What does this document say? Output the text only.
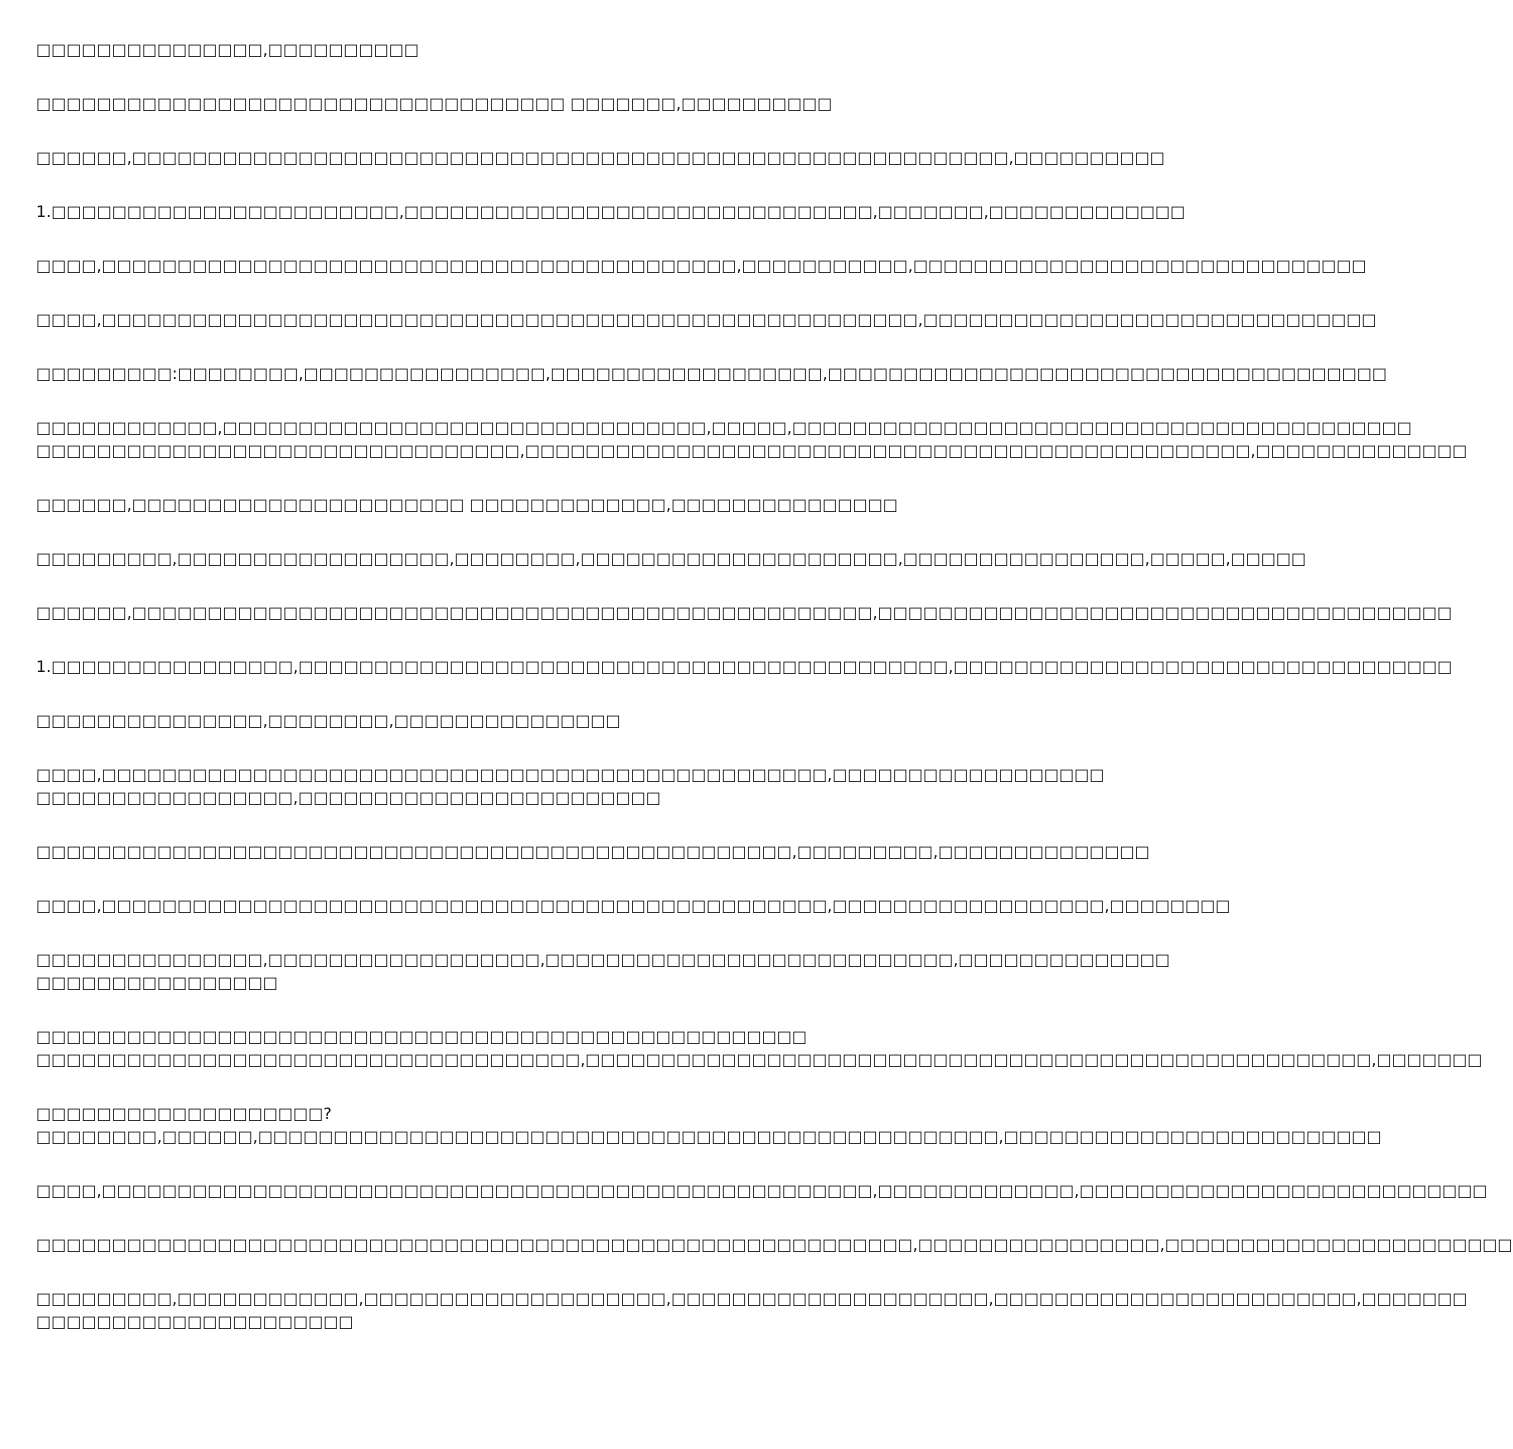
□□□□□□□□□□□□□□□,□□□□□□□□□□
□□□□□□□□□□□□□□□□□□□□□□□□□□□□□□□□□□□ □□□□□□□,□□□□□□□□□□
□□□□□□,□□□□□□□□□□□□□□□□□□□□□□□□□□□□□□□□□□□□□□□□□□□□□□□□□□□□□□□□□□,□□□□□□□□□□
1.□□□□□□□□□□□□□□□□□□□□□□□,□□□□□□□□□□□□□□□□□□□□□□□□□□□□□□□,□□□□□□□,□□□□□□□□□□□□□
□□□□,□□□□□□□□□□□□□□□□□□□□□□□□□□□□□□□□□□□□□□□□□□,□□□□□□□□□□□,□□□□□□□□□□□□□□□□□□□□□□□□□□□□□□
□□□□,□□□□□□□□□□□□□□□□□□□□□□□□□□□□□□□□□□□□□□□□□□□□□□□□□□□□□□,□□□□□□□□□□□□□□□□□□□□□□□□□□□□□□
□□□□□□□□□:□□□□□□□□,□□□□□□□□□□□□□□□□,□□□□□□□□□□□□□□□□□□,□□□□□□□□□□□□□□□□□□□□□□□□□□□□□□□□□□□□□
□□□□□□□□□□□□,□□□□□□□□□□□□□□□□□□□□□□□□□□□□□□□□,□□□□□,□□□□□□□□□□□□□□□□□□□□□□□□□□□□□□□□□□□□□□□□□
□□□□□□□□□□□□□□□□□□□□□□□□□□□□□□□□,□□□□□□□□□□□□□□□□□□□□□□□□□□□□□□□□□□□□□□□□□□□□□□□□,□□□□□□□□□□□□□□
□□□□□□,□□□□□□□□□□□□□□□□□□□□□□ □□□□□□□□□□□□□,□□□□□□□□□□□□□□□
□□□□□□□□□,□□□□□□□□□□□□□□□□□□,□□□□□□□□,□□□□□□□□□□□□□□□□□□□□□,□□□□□□□□□□□□□□□□,□□□□□,□□□□□
□□□□□□,□□□□□□□□□□□□□□□□□□□□□□□□□□□□□□□□□□□□□□□□□□□□□□□□□,□□□□□□□□□□□□□□□□□□□□□□□□□□□□□□□□□□□□□□
1.□□□□□□□□□□□□□□□□,□□□□□□□□□□□□□□□□□□□□□□□□□□□□□□□□□□□□□□□□□□□,□□□□□□□□□□□□□□□□□□□□□□□□□□□□□□□□□
□□□□□□□□□□□□□□□,□□□□□□□□,□□□□□□□□□□□□□□□
□□□□,□□□□□□□□□□□□□□□□□□□□□□□□□□□□□□□□□□□□□□□□□□□□□□□□,□□□□□□□□□□□□□□□□□□
□□□□□□□□□□□□□□□□□,□□□□□□□□□□□□□□□□□□□□□□□□
□□□□□□□□□□□□□□□□□□□□□□□□□□□□□□□□□□□□□□□□□□□□□□□□□□,□□□□□□□□□,□□□□□□□□□□□□□□
□□□□,□□□□□□□□□□□□□□□□□□□□□□□□□□□□□□□□□□□□□□□□□□□□□□□□,□□□□□□□□□□□□□□□□□□,□□□□□□□□
□□□□□□□□□□□□□□□,□□□□□□□□□□□□□□□□□□,□□□□□□□□□□□□□□□□□□□□□□□□□□□,□□□□□□□□□□□□□□
□□□□□□□□□□□□□□□□
□□□□□□□□□□□□□□□□□□□□□□□□□□□□□□□□□□□□□□□□□□□□□□□□□□□
□□□□□□□□□□□□□□□□□□□□□□□□□□□□□□□□□□□□,□□□□□□□□□□□□□□□□□□□□□□□□□□□□□□□□□□□□□□□□□□□□□□□□□□□□,□□□□□□□
□□□□□□□□□□□□□□□□□□□?
□□□□□□□□,□□□□□□,□□□□□□□□□□□□□□□□□□□□□□□□□□□□□□□□□□□□□□□□□□□□□□□□□,□□□□□□□□□□□□□□□□□□□□□□□□□
□□□□,□□□□□□□□□□□□□□□□□□□□□□□□□□□□□□□□□□□□□□□□□□□□□□□□□□□,□□□□□□□□□□□□□,□□□□□□□□□□□□□□□□□□□□□□□□□□□
□□□□□□□□□□□□□□□□□□□□□□□□□□□□□□□□□□□□□□□□□□□□□□□□□□□□□□□□□□,□□□□□□□□□□□□□□□□,□□□□□□□□□□□□□□□□□□□□□□□
□□□□□□□□□,□□□□□□□□□□□□,□□□□□□□□□□□□□□□□□□□□,□□□□□□□□□□□□□□□□□□□□□,□□□□□□□□□□□□□□□□□□□□□□□□,□□□□□□□
□□□□□□□□□□□□□□□□□□□□□
